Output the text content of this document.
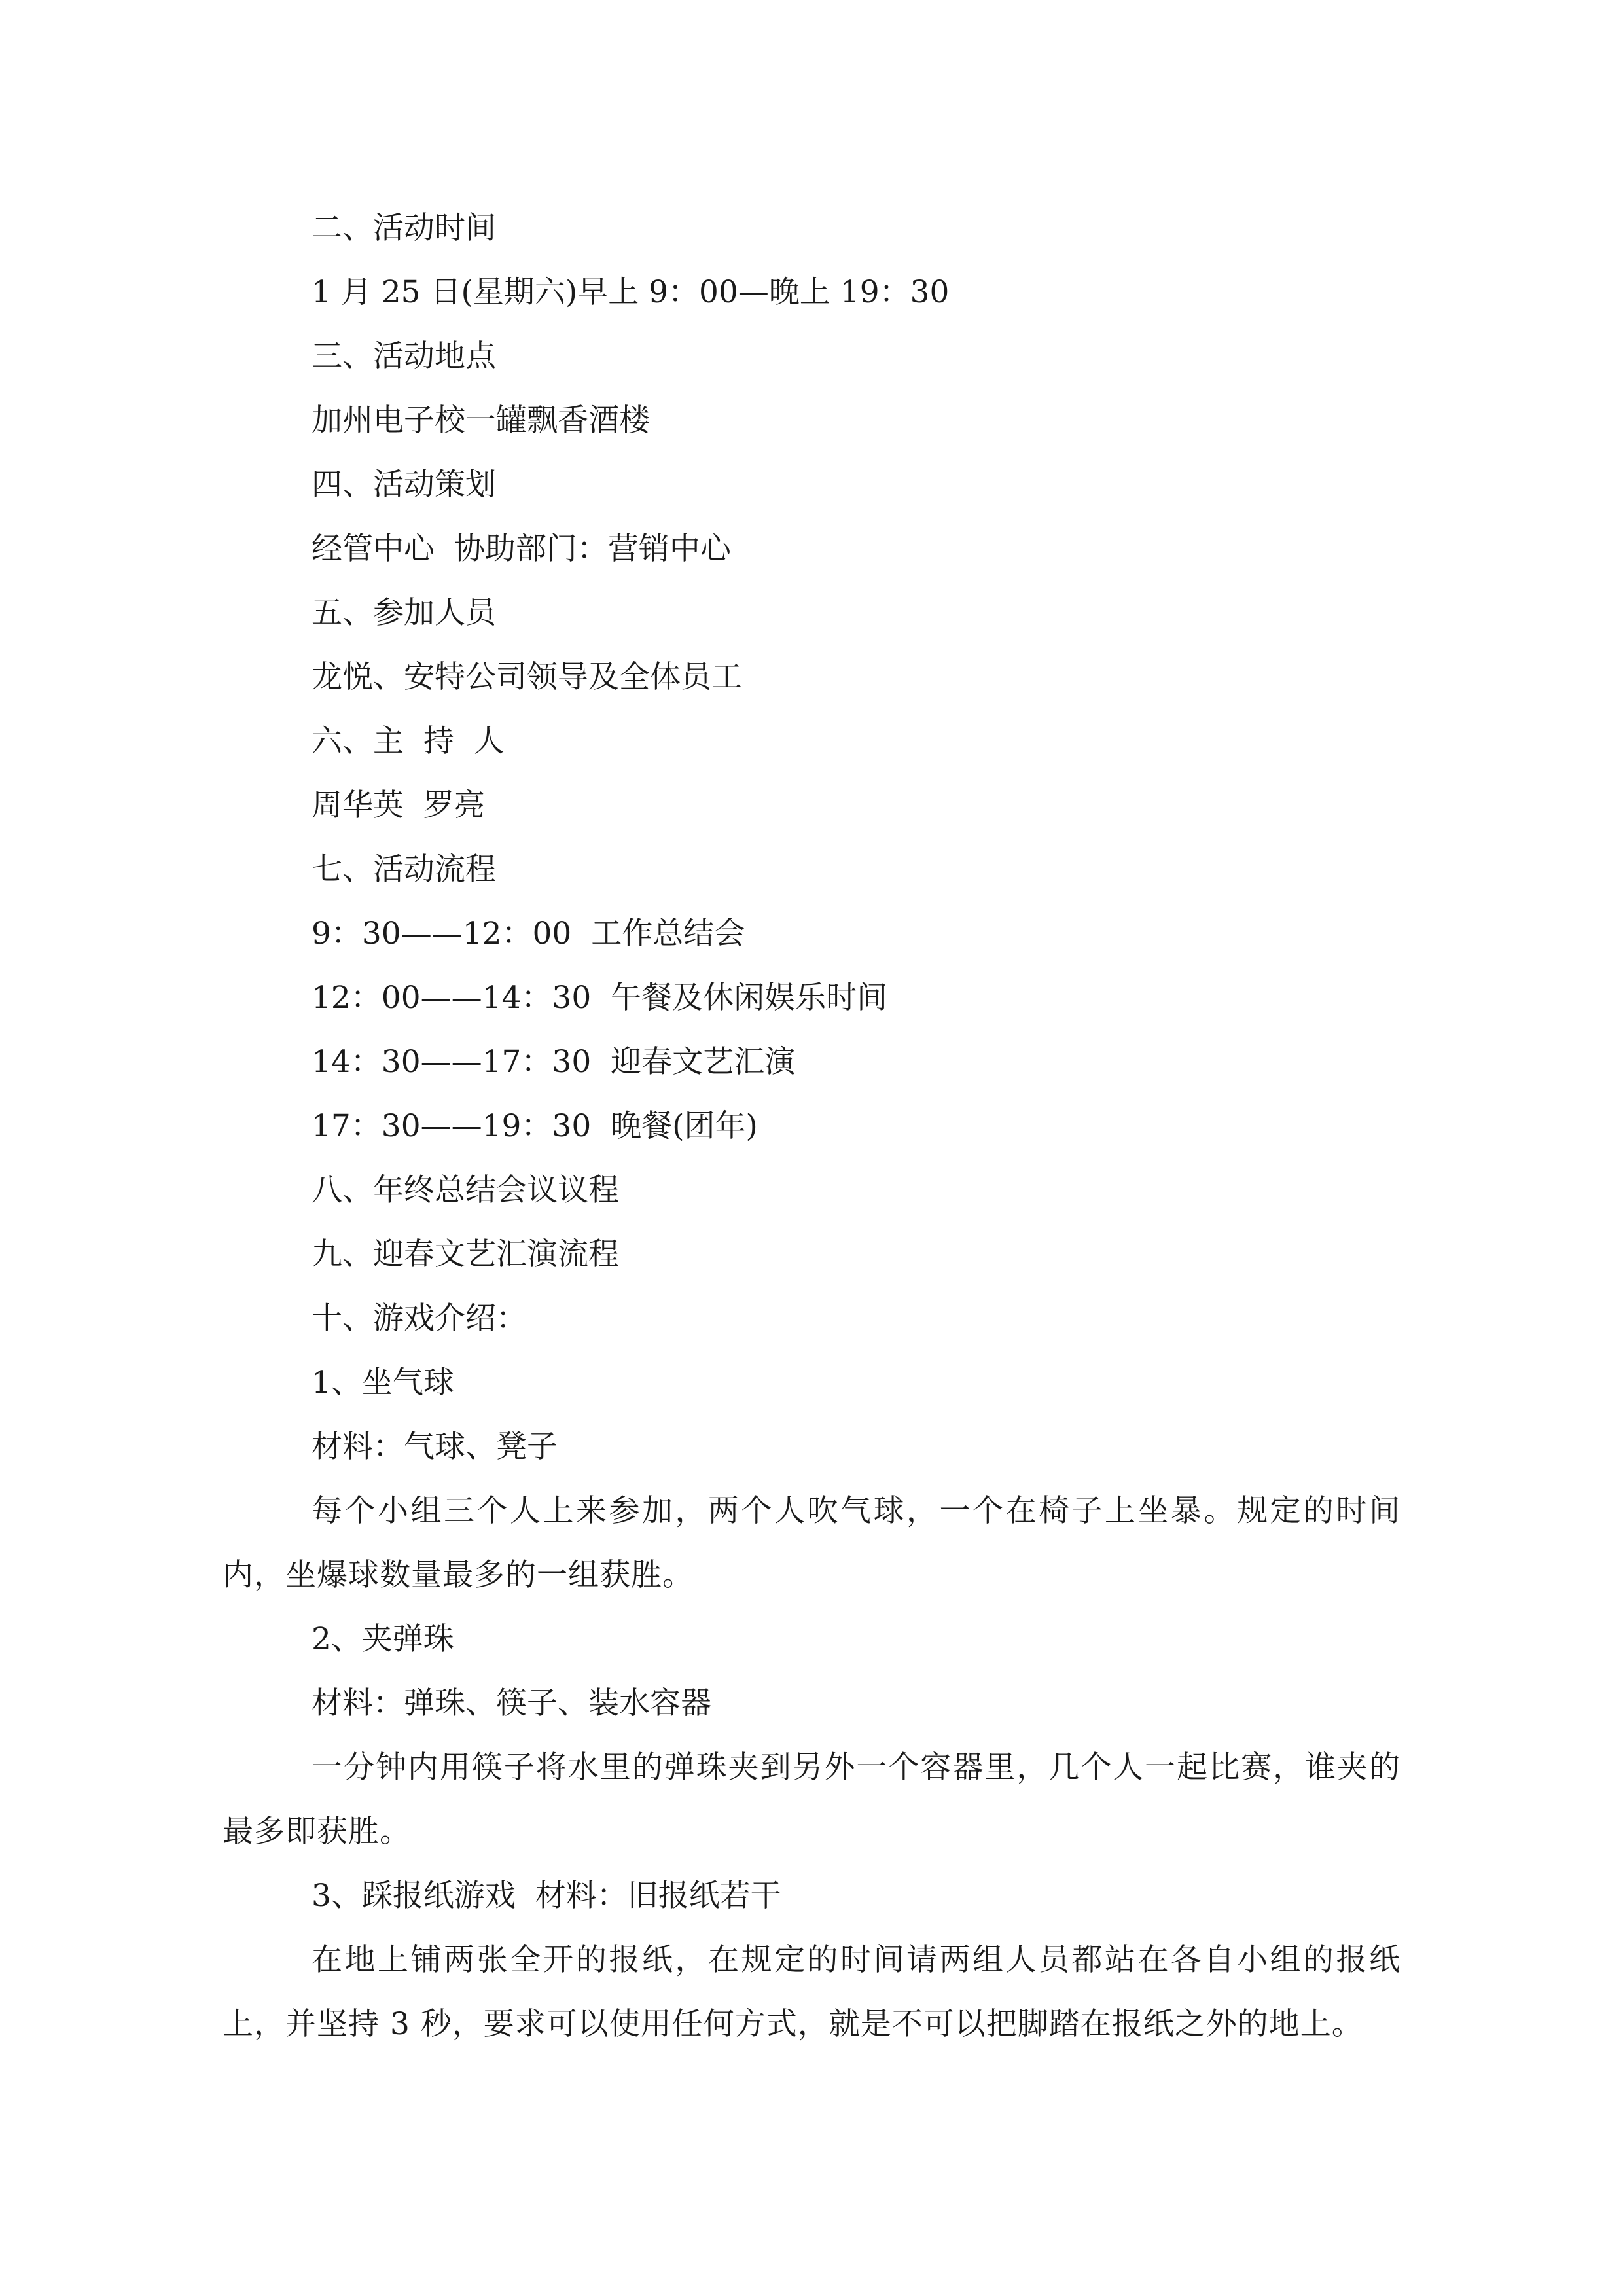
二、活动时间

1 月 25 日(星期六)早上 9：00—晚上 19：30

三、活动地点

加州电子校一罐飘香酒楼

四、活动策划

经管中心  协助部门：营销中心

五、参加人员

龙悦、安特公司领导及全体员工

六、主  持  人

周华英  罗亮

七、活动流程

9：30——12：00  工作总结会

12：00——14：30  午餐及休闲娱乐时间

14：30——17：30  迎春文艺汇演

17：30——19：30  晚餐(团年)

八、年终总结会议议程

九、迎春文艺汇演流程

十、游戏介绍：

1、坐气球

材料：气球、凳子

每个小组三个人上来参加，两个人吹气球，一个在椅子上坐暴。规定的时间内，坐爆球数量最多的一组获胜。

2、夹弹珠

材料：弹珠、筷子、装水容器

一分钟内用筷子将水里的弹珠夹到另外一个容器里，几个人一起比赛，谁夹的最多即获胜。

3、踩报纸游戏  材料：旧报纸若干

在地上铺两张全开的报纸，在规定的时间请两组人员都站在各自小组的报纸上，并坚持 3 秒，要求可以使用任何方式，就是不可以把脚踏在报纸之外的地上。
